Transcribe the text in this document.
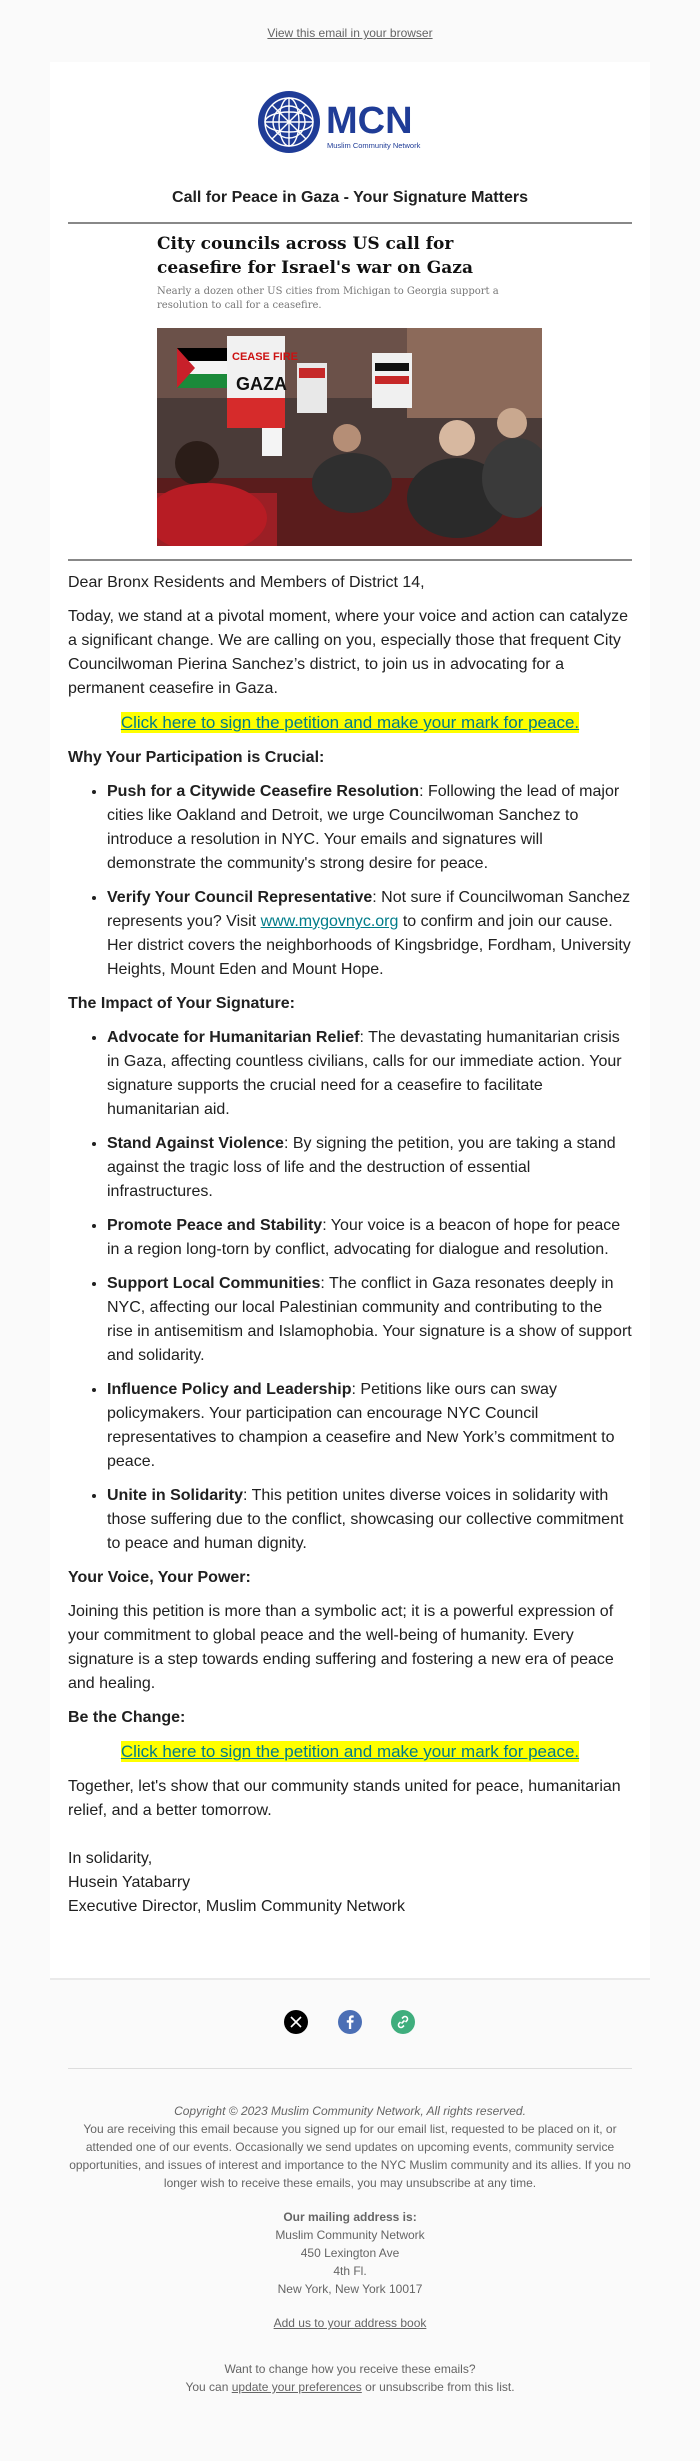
View this email in your browser
MCN
Muslim Community Network
Call for Peace in Gaza - Your Signature Matters
City councils across US call for ceasefire for Israel's war on Gaza
Nearly a dozen other US cities from Michigan to Georgia support a resolution to call for a ceasefire.
CEASE FIRE
GAZA

Dear Bronx Residents and Members of District 14,

Today, we stand at a pivotal moment, where your voice and action can catalyze a significant change. We are calling on you, especially those that frequent City Councilwoman Pierina Sanchez’s district, to join us in advocating for a permanent ceasefire in Gaza.

Click here to sign the petition and make your mark for peace.

Why Your Participation is Crucial:
• Push for a Citywide Ceasefire Resolution: Following the lead of major cities like Oakland and Detroit, we urge Councilwoman Sanchez to introduce a resolution in NYC. Your emails and signatures will demonstrate the community's strong desire for peace.
• Verify Your Council Representative: Not sure if Councilwoman Sanchez represents you? Visit www.mygovnyc.org to confirm and join our cause. Her district covers the neighborhoods of Kingsbridge, Fordham, University Heights, Mount Eden and Mount Hope.
The Impact of Your Signature:
• Advocate for Humanitarian Relief: The devastating humanitarian crisis in Gaza, affecting countless civilians, calls for our immediate action. Your signature supports the crucial need for a ceasefire to facilitate humanitarian aid.
• Stand Against Violence: By signing the petition, you are taking a stand against the tragic loss of life and the destruction of essential infrastructures.
• Promote Peace and Stability: Your voice is a beacon of hope for peace in a region long-torn by conflict, advocating for dialogue and resolution.
• Support Local Communities: The conflict in Gaza resonates deeply in NYC, affecting our local Palestinian community and contributing to the rise in antisemitism and Islamophobia. Your signature is a show of support and solidarity.
• Influence Policy and Leadership: Petitions like ours can sway policymakers. Your participation can encourage NYC Council representatives to champion a ceasefire and New York’s commitment to peace.
• Unite in Solidarity: This petition unites diverse voices in solidarity with those suffering due to the conflict, showcasing our collective commitment to peace and human dignity.
Your Voice, Your Power:

Joining this petition is more than a symbolic act; it is a powerful expression of your commitment to global peace and the well-being of humanity. Every signature is a step towards ending suffering and fostering a new era of peace and healing.

Be the Change:

Click here to sign the petition and make your mark for peace.

Together, let's show that our community stands united for peace, humanitarian relief, and a better tomorrow.

In solidarity,
Husein Yatabarry
Executive Director, Muslim Community Network

Copyright © 2023 Muslim Community Network, All rights reserved.

You are receiving this email because you signed up for our email list, requested to be placed on it, or attended one of our events. Occasionally we send updates on upcoming events, community service opportunities, and issues of interest and importance to the NYC Muslim community and its allies. If you no longer wish to receive these emails, you may unsubscribe at any time.

Our mailing address is:
Muslim Community Network
450 Lexington Ave
4th Fl.
New York, New York 10017

Add us to your address book

Want to change how you receive these emails?
You can update your preferences or unsubscribe from this list.
